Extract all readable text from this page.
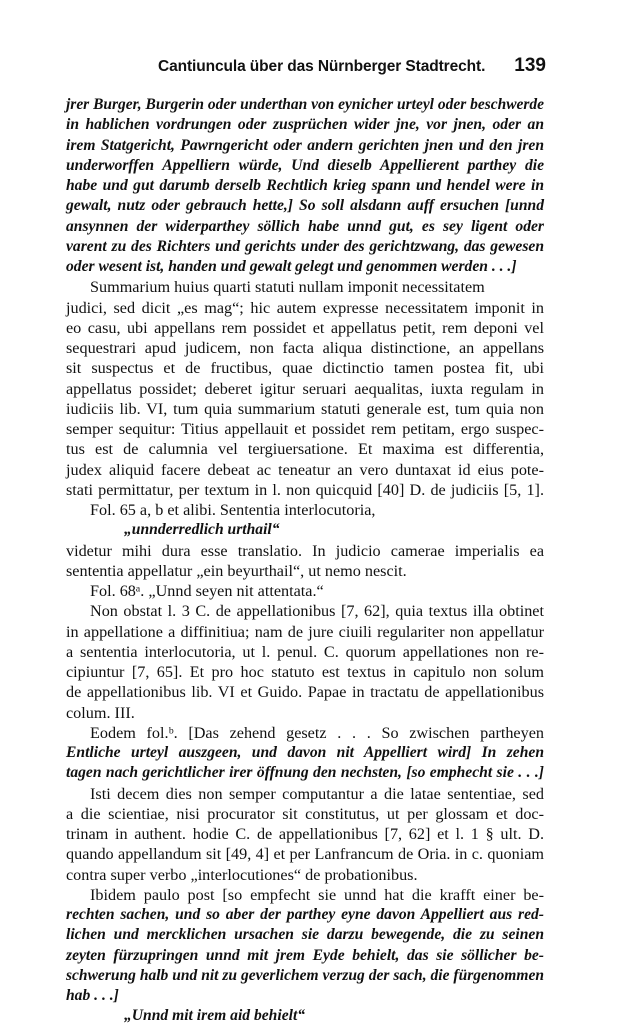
Cantiuncula über das Nürnberger Stadtrecht. 139
jrer Burger, Burgerin oder underthan von eynicher urteyl oder beschwerde
in hablichen vordrungen oder zusprüchen wider jne, vor jnen, oder an
irem Statgericht, Pawrngericht oder andern gerichten jnen und den jren
underworffen Appelliern würde, Und dieselb Appellierent parthey die
habe und gut darumb derselb Rechtlich krieg spann und hendel were in
gewalt, nutz oder gebrauch hette,] So soll alsdann auff ersuchen [unnd
ansynnen der widerparthey söllich habe unnd gut, es sey ligent oder
varent zu des Richters und gerichts under des gerichtzwang, das gewesen
oder wesent ist, handen und gewalt gelegt und genommen werden . . .]
Summarium huius quarti statuti nullam imponit necessitatem
judici, sed dicit „es mag“; hic autem expresse necessitatem imponit in
eo casu, ubi appellans rem possidet et appellatus petit, rem deponi vel
sequestrari apud judicem, non facta aliqua distinctione, an appellans
sit suspectus et de fructibus, quae dictinctio tamen postea fit, ubi
appellatus possidet; deberet igitur seruari aequalitas, iuxta regulam in
iudiciis lib. VI, tum quia summarium statuti generale est, tum quia non
semper sequitur: Titius appellauit et possidet rem petitam, ergo suspec-
tus est de calumnia vel tergiuersatione. Et maxima est differentia,
judex aliquid facere debeat ac teneatur an vero duntaxat id eius pote-
stati permittatur, per textum in l. non quicquid [40] D. de judiciis [5, 1].
Fol. 65 a, b et alibi. Sententia interlocutoria,
„unnderredlich urthail“
videtur mihi dura esse translatio. In judicio camerae imperialis ea
sententia appellatur „ein beyurthail“, ut nemo nescit.
Fol. 68ᵃ. „Unnd seyen nit attentata.“
Non obstat l. 3 C. de appellationibus [7, 62], quia textus illa obtinet
in appellatione a diffinitiua; nam de jure ciuili regulariter non appellatur
a sententia interlocutoria, ut l. penul. C. quorum appellationes non re-
cipiuntur [7, 65]. Et pro hoc statuto est textus in capitulo non solum
de appellationibus lib. VI et Guido. Papae in tractatu de appellationibus
colum. III.
Eodem fol.ᵇ. [Das zehend gesetz . . . So zwischen partheyen
Entliche urteyl auszgeen, und davon nit Appelliert wird] In zehen
tagen nach gerichtlicher irer öffnung den nechsten, [so emphecht sie . . .]
Isti decem dies non semper computantur a die latae sententiae, sed
a die scientiae, nisi procurator sit constitutus, ut per glossam et doc-
trinam in authent. hodie C. de appellationibus [7, 62] et l. 1 § ult. D.
quando appellandum sit [49, 4] et per Lanfrancum de Oria. in c. quoniam
contra super verbo „interlocutiones“ de probationibus.
Ibidem paulo post [so empfecht sie unnd hat die krafft einer be-
rechten sachen, und so aber der parthey eyne davon Appelliert aus red-
lichen und mercklichen ursachen sie darzu bewegende, die zu seinen
zeyten fürzupringen unnd mit jrem Eyde behielt, das sie söllicher be-
schwerung halb und nit zu geverlichem verzug der sach, die fürgenommen
hab . . .]
„Unnd mit irem aid behielt“
